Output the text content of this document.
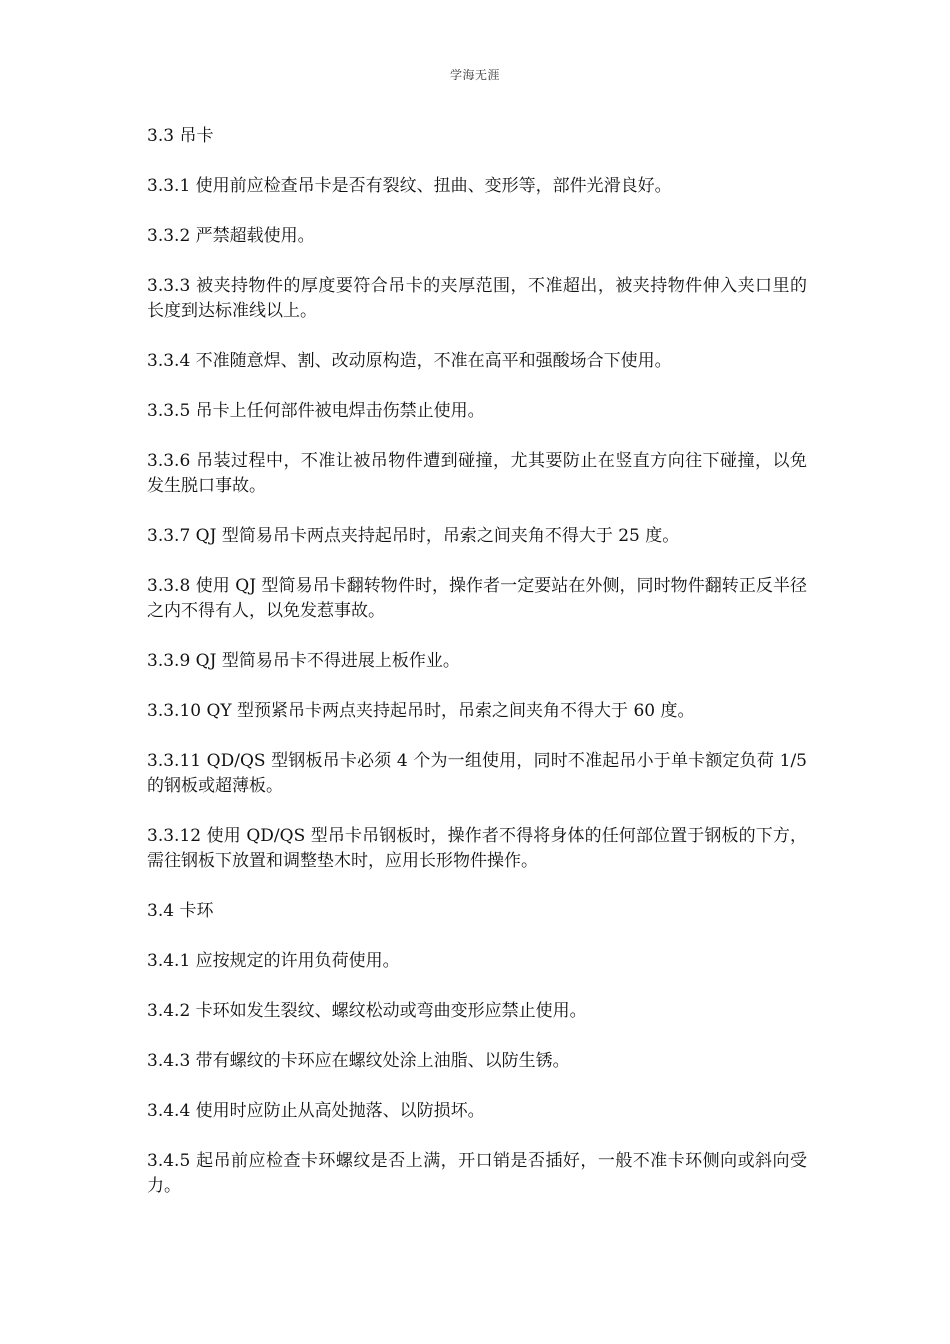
学海无涯

3.3 吊卡

3.3.1 使用前应检查吊卡是否有裂纹、扭曲、变形等，部件光滑良好。

3.3.2 严禁超载使用。

3.3.3 被夹持物件的厚度要符合吊卡的夹厚范围，不准超出，被夹持物件伸入夹口里的长度到达标准线以上。

3.3.4 不准随意焊、割、改动原构造，不准在高平和强酸场合下使用。

3.3.5 吊卡上任何部件被电焊击伤禁止使用。

3.3.6 吊装过程中，不准让被吊物件遭到碰撞，尤其要防止在竖直方向往下碰撞，以免发生脱口事故。

3.3.7 QJ 型简易吊卡两点夹持起吊时，吊索之间夹角不得大于 25 度。

3.3.8 使用 QJ 型简易吊卡翻转物件时，操作者一定要站在外侧，同时物件翻转正反半径之内不得有人，以免发惹事故。

3.3.9 QJ 型简易吊卡不得进展上板作业。

3.3.10 QY 型预紧吊卡两点夹持起吊时，吊索之间夹角不得大于 60 度。

3.3.11 QD/QS 型钢板吊卡必须 4 个为一组使用，同时不准起吊小于单卡额定负荷 1/5 的钢板或超薄板。

3.3.12 使用 QD/QS 型吊卡吊钢板时，操作者不得将身体的任何部位置于钢板的下方，需往钢板下放置和调整垫木时，应用长形物件操作。

3.4 卡环

3.4.1 应按规定的许用负荷使用。

3.4.2 卡环如发生裂纹、螺纹松动或弯曲变形应禁止使用。

3.4.3 带有螺纹的卡环应在螺纹处涂上油脂、以防生锈。

3.4.4 使用时应防止从高处抛落、以防损坏。

3.4.5 起吊前应检查卡环螺纹是否上满，开口销是否插好，一般不准卡环侧向或斜向受力。
